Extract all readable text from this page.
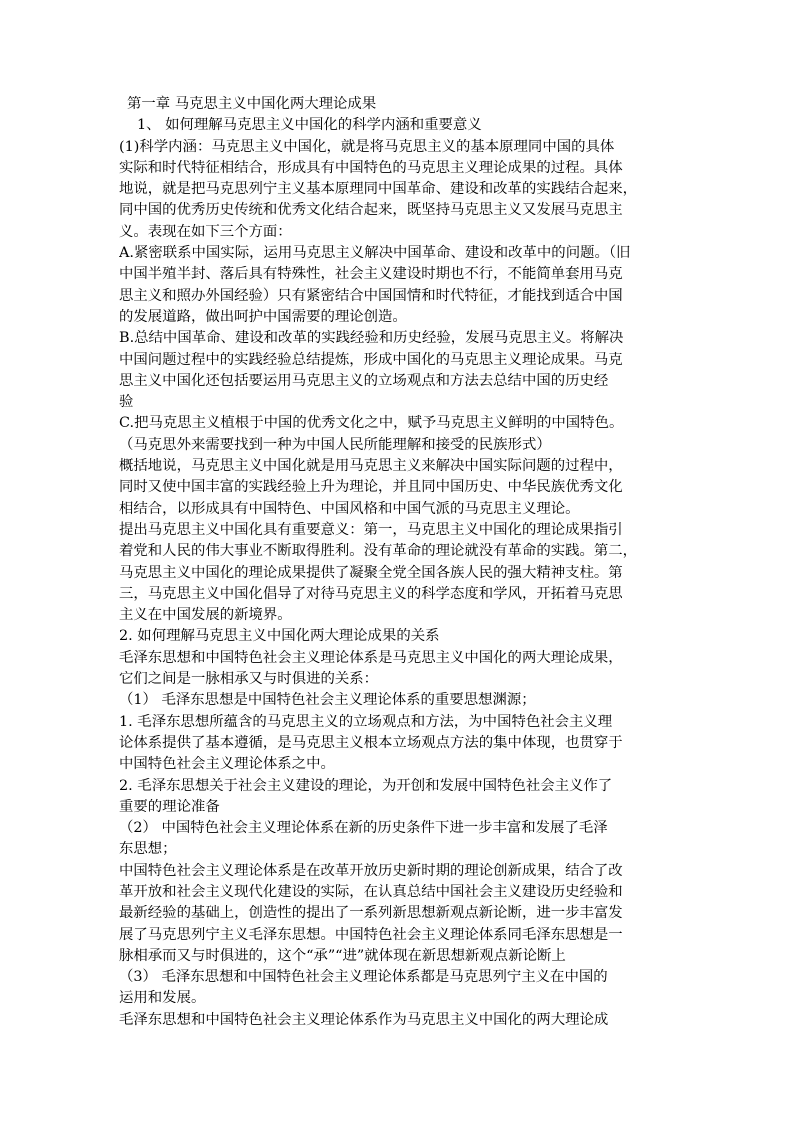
第一章 马克思主义中国化两大理论成果
1、 如何理解马克思主义中国化的科学内涵和重要意义
(1)科学内涵：马克思主义中国化，就是将马克思主义的基本原理同中国的具体
实际和时代特征相结合，形成具有中国特色的马克思主义理论成果的过程。具体
地说，就是把马克思列宁主义基本原理同中国革命、建设和改革的实践结合起来，
同中国的优秀历史传统和优秀文化结合起来，既坚持马克思主义又发展马克思主
义。表现在如下三个方面：
A.紧密联系中国实际，运用马克思主义解决中国革命、建设和改革中的问题。（旧
中国半殖半封、落后具有特殊性，社会主义建设时期也不行，不能简单套用马克
思主义和照办外国经验）只有紧密结合中国国情和时代特征，才能找到适合中国
的发展道路，做出呵护中国需要的理论创造。
B.总结中国革命、建设和改革的实践经验和历史经验，发展马克思主义。将解决
中国问题过程中的实践经验总结提炼，形成中国化的马克思主义理论成果。马克
思主义中国化还包括要运用马克思主义的立场观点和方法去总结中国的历史经
验
C.把马克思主义植根于中国的优秀文化之中，赋予马克思主义鲜明的中国特色。
（马克思外来需要找到一种为中国人民所能理解和接受的民族形式）
概括地说，马克思主义中国化就是用马克思主义来解决中国实际问题的过程中，
同时又使中国丰富的实践经验上升为理论，并且同中国历史、中华民族优秀文化
相结合，以形成具有中国特色、中国风格和中国气派的马克思主义理论。
提出马克思主义中国化具有重要意义：第一，马克思主义中国化的理论成果指引
着党和人民的伟大事业不断取得胜利。没有革命的理论就没有革命的实践。第二，
马克思主义中国化的理论成果提供了凝聚全党全国各族人民的强大精神支柱。第
三，马克思主义中国化倡导了对待马克思主义的科学态度和学风，开拓着马克思
主义在中国发展的新境界。
2. 如何理解马克思主义中国化两大理论成果的关系
毛泽东思想和中国特色社会主义理论体系是马克思主义中国化的两大理论成果，
它们之间是一脉相承又与时俱进的关系：
（1） 毛泽东思想是中国特色社会主义理论体系的重要思想渊源；
1. 毛泽东思想所蕴含的马克思主义的立场观点和方法，为中国特色社会主义理
论体系提供了基本遵循，是马克思主义根本立场观点方法的集中体现，也贯穿于
中国特色社会主义理论体系之中。
2. 毛泽东思想关于社会主义建设的理论，为开创和发展中国特色社会主义作了
重要的理论准备
（2） 中国特色社会主义理论体系在新的历史条件下进一步丰富和发展了毛泽
东思想；
中国特色社会主义理论体系是在改革开放历史新时期的理论创新成果，结合了改
革开放和社会主义现代化建设的实际，在认真总结中国社会主义建设历史经验和
最新经验的基础上，创造性的提出了一系列新思想新观点新论断，进一步丰富发
展了马克思列宁主义毛泽东思想。中国特色社会主义理论体系同毛泽东思想是一
脉相承而又与时俱进的，这个“承”“进”就体现在新思想新观点新论断上
（3） 毛泽东思想和中国特色社会主义理论体系都是马克思列宁主义在中国的
运用和发展。
毛泽东思想和中国特色社会主义理论体系作为马克思主义中国化的两大理论成
